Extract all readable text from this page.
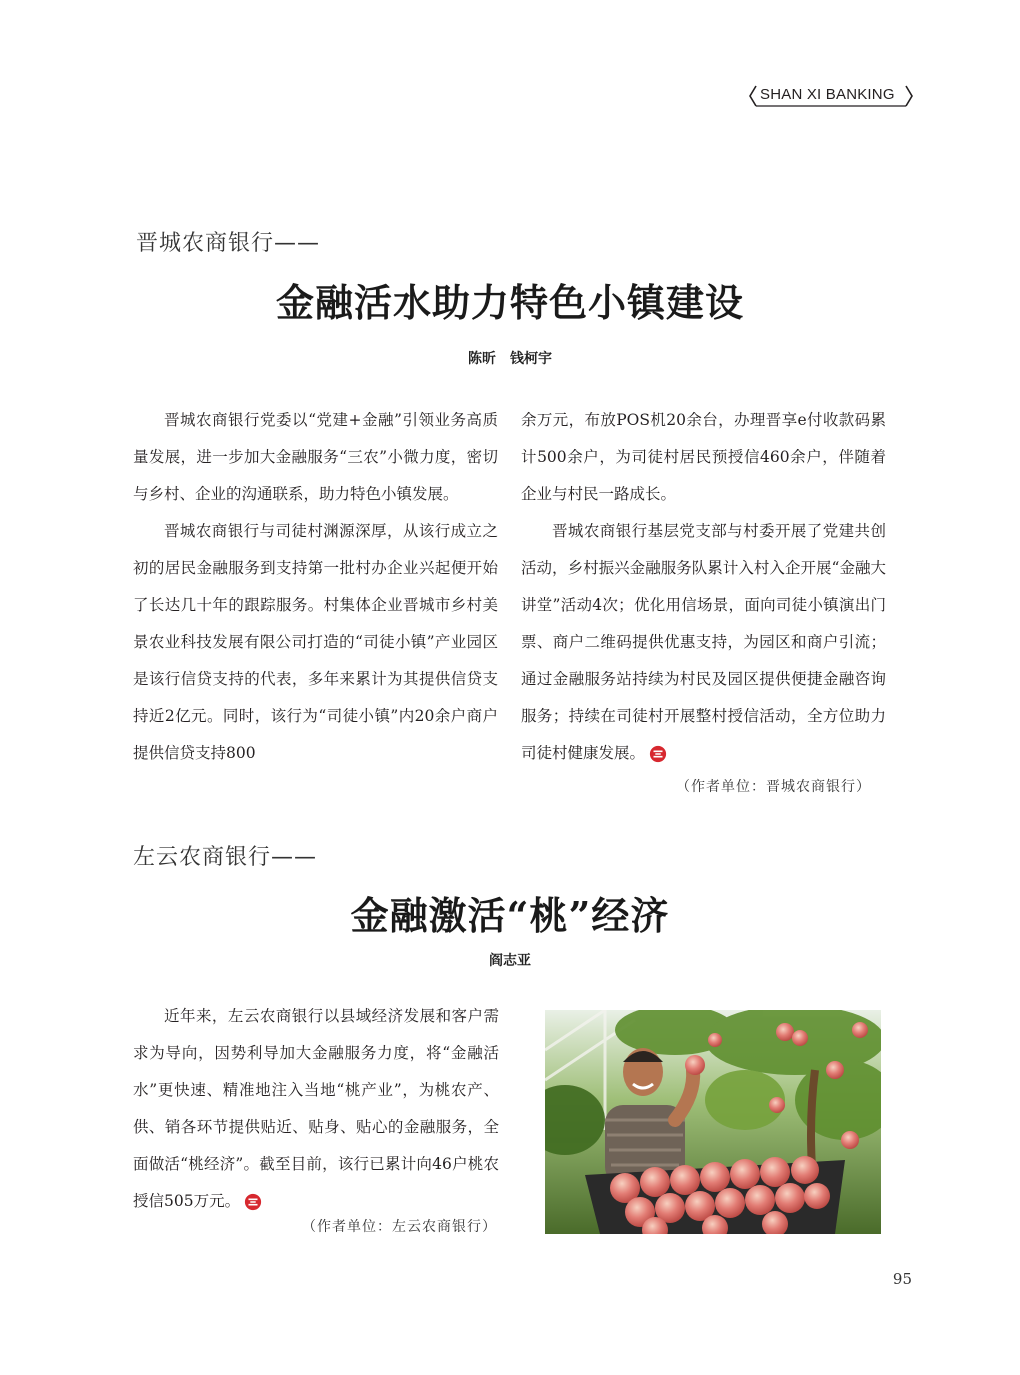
SHAN XI BANKING
晋城农商银行——
金融活水助力特色小镇建设
陈昕　钱柯宇

晋城农商银行党委以“党建+金融”引领业务高质量发展，进一步加大金融服务“三农”小微力度，密切与乡村、企业的沟通联系，助力特色小镇发展。

晋城农商银行与司徒村渊源深厚，从该行成立之初的居民金融服务到支持第一批村办企业兴起便开始了长达几十年的跟踪服务。村集体企业晋城市乡村美景农业科技发展有限公司打造的“司徒小镇”产业园区是该行信贷支持的代表，多年来累计为其提供信贷支持近2亿元。同时，该行为“司徒小镇”内20余户商户提供信贷支持800

余万元，布放POS机20余台，办理晋享e付收款码累计500余户，为司徒村居民预授信460余户，伴随着企业与村民一路成长。

晋城农商银行基层党支部与村委开展了党建共创活动，乡村振兴金融服务队累计入村入企开展“金融大讲堂”活动4次；优化用信场景，面向司徒小镇演出门票、商户二维码提供优惠支持，为园区和商户引流；通过金融服务站持续为村民及园区提供便捷金融咨询服务；持续在司徒村开展整村授信活动，全方位助力司徒村健康发展。

（作者单位：晋城农商银行）
左云农商银行——
金融激活“桃”经济
阎志亚

近年来，左云农商银行以县域经济发展和客户需求为导向，因势利导加大金融服务力度，将“金融活水”更快速、精准地注入当地“桃产业”，为桃农产、供、销各环节提供贴近、贴身、贴心的金融服务，全面做活“桃经济”。截至目前，该行已累计向46户桃农授信505万元。

（作者单位：左云农商银行）
95
